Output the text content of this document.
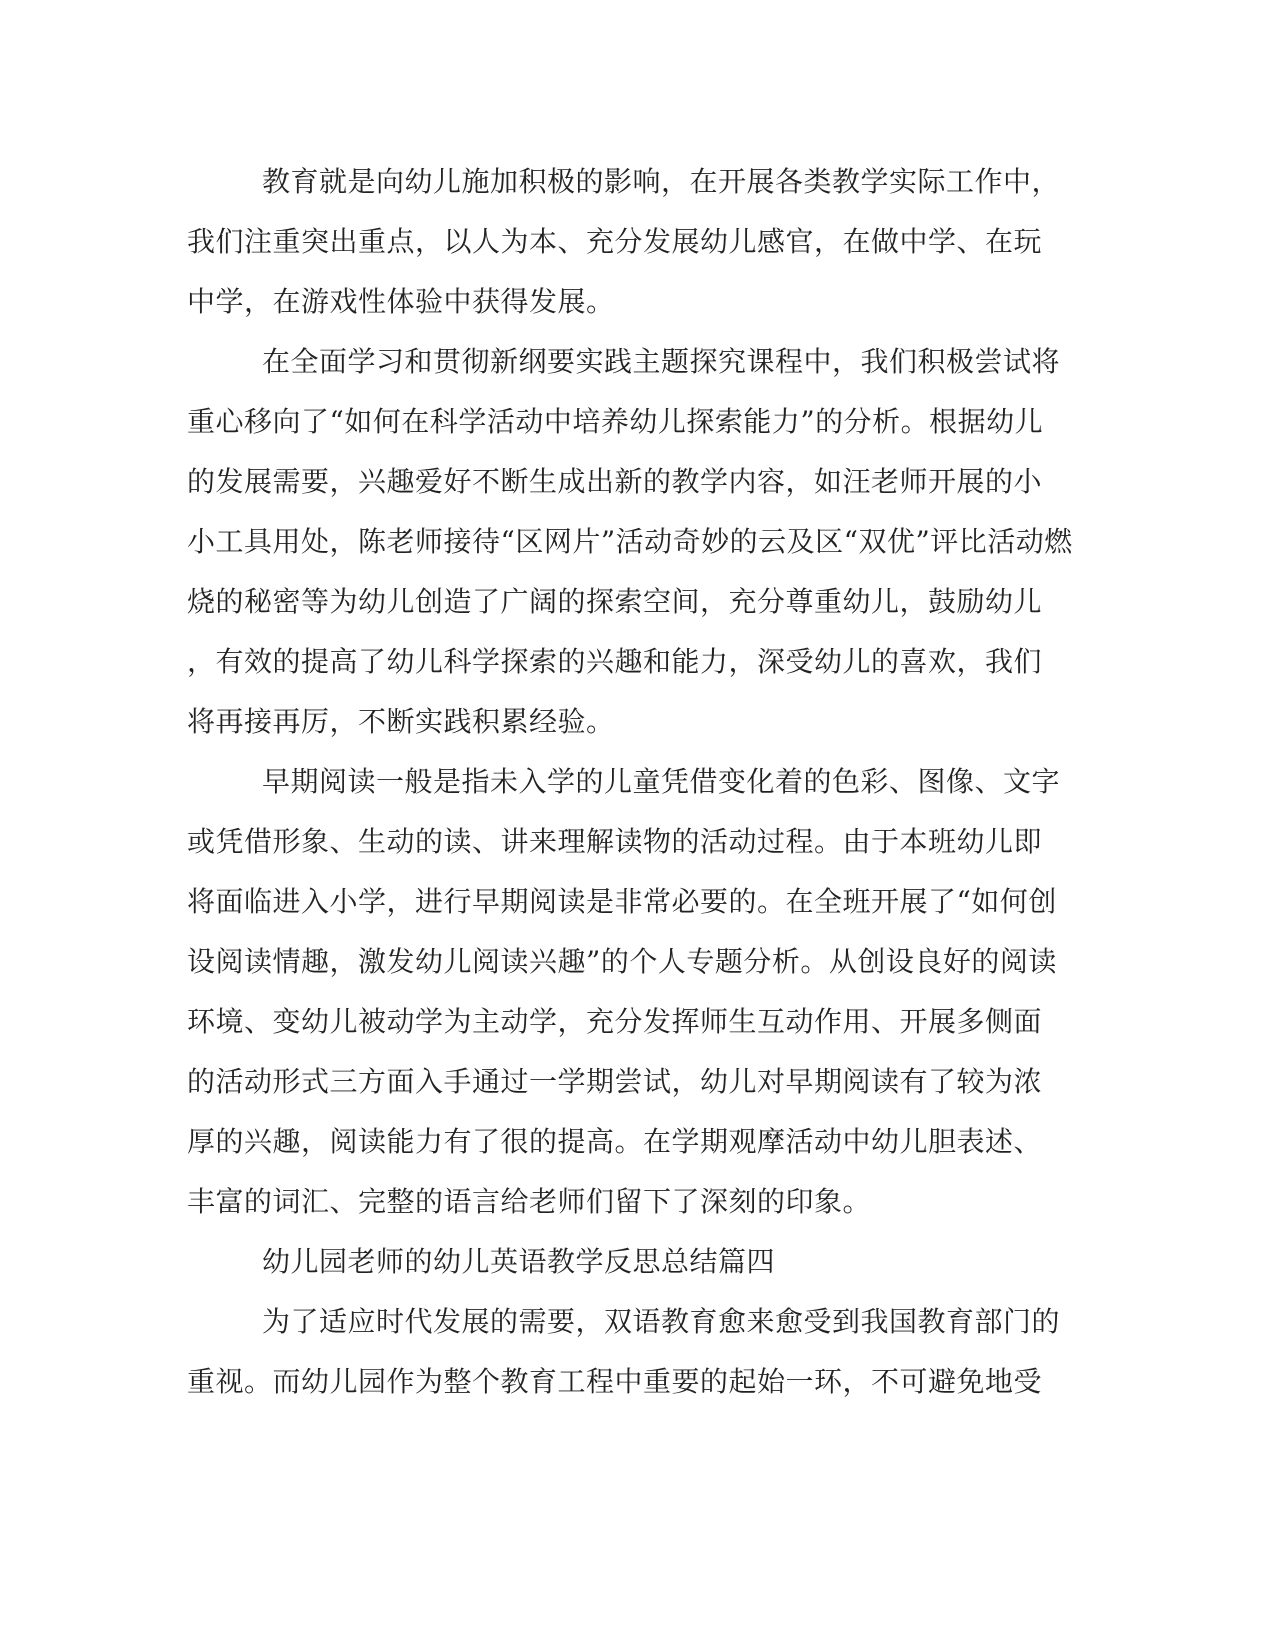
教育就是向幼儿施加积极的影响，在开展各类教学实际工作中，
我们注重突出重点，以人为本、充分发展幼儿感官，在做中学、在玩
中学，在游戏性体验中获得发展。
在全面学习和贯彻新纲要实践主题探究课程中，我们积极尝试将
重心移向了“如何在科学活动中培养幼儿探索能力”的分析。根据幼儿
的发展需要，兴趣爱好不断生成出新的教学内容，如汪老师开展的小
小工具用处，陈老师接待“区网片”活动奇妙的云及区“双优”评比活动燃
烧的秘密等为幼儿创造了广阔的探索空间，充分尊重幼儿，鼓励幼儿
，有效的提高了幼儿科学探索的兴趣和能力，深受幼儿的喜欢，我们
将再接再厉，不断实践积累经验。
早期阅读一般是指未入学的儿童凭借变化着的色彩、图像、文字
或凭借形象、生动的读、讲来理解读物的活动过程。由于本班幼儿即
将面临进入小学，进行早期阅读是非常必要的。在全班开展了“如何创
设阅读情趣，激发幼儿阅读兴趣”的个人专题分析。从创设良好的阅读
环境、变幼儿被动学为主动学，充分发挥师生互动作用、开展多侧面
的活动形式三方面入手通过一学期尝试，幼儿对早期阅读有了较为浓
厚的兴趣，阅读能力有了很的提高。在学期观摩活动中幼儿胆表述、
丰富的词汇、完整的语言给老师们留下了深刻的印象。
幼儿园老师的幼儿英语教学反思总结篇四
为了适应时代发展的需要，双语教育愈来愈受到我国教育部门的
重视。而幼儿园作为整个教育工程中重要的起始一环，不可避免地受
